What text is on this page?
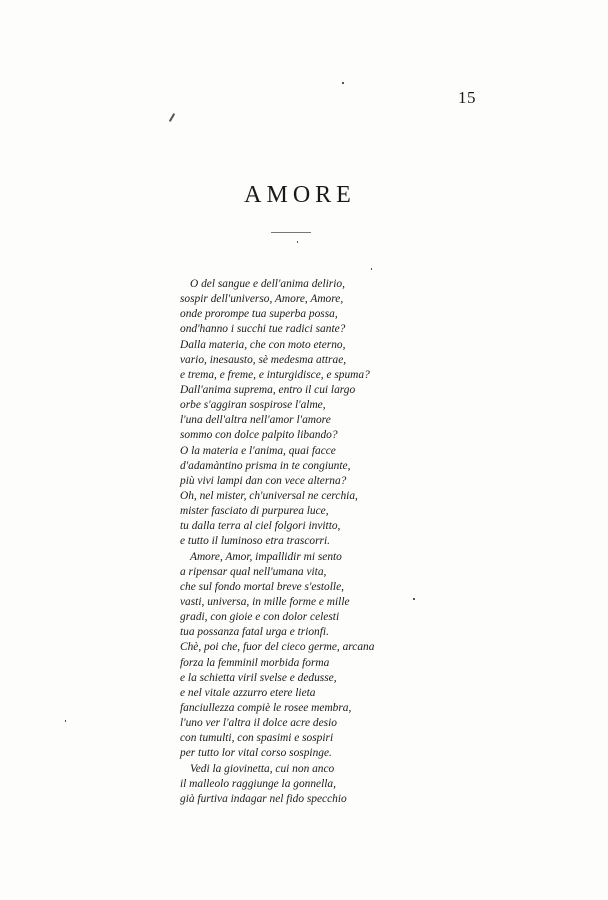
15
AMORE
O del sangue e dell'anima delirio,
sospir dell'universo, Amore, Amore,
onde prorompe tua superba possa,
ond'hanno i succhi tue radici sante?
Dalla materia, che con moto eterno,
vario, inesausto, sè medesma attrae,
e trema, e freme, e inturgidisce, e spuma?
Dall'anima suprema, entro il cui largo
orbe s'aggiran sospirose l'alme,
l'una dell'altra nell'amor l'amore
sommo con dolce palpito libando?
O la materia e l'anima, quai facce
d'adamàntino prisma in te congiunte,
più vivi lampi dan con vece alterna?
Oh, nel mister, ch'universal ne cerchia,
mister fasciato di purpurea luce,
tu dalla terra al ciel folgori invitto,
e tutto il luminoso etra trascorri.
Amore, Amor, impallidir mi sento
a ripensar qual nell'umana vita,
che sul fondo mortal breve s'estolle,
vasti, universa, in mille forme e mille
gradi, con gioie e con dolor celesti
tua possanza fatal urga e trionfi.
Chè, poi che, fuor del cieco germe, arcana
forza la femminil morbida forma
e la schietta viril svelse e dedusse,
e nel vitale azzurro etere lieta
fanciullezza compiè le rosee membra,
l'uno ver l'altra il dolce acre desio
con tumulti, con spasimi e sospiri
per tutto lor vital corso sospinge.
Vedi la giovinetta, cui non anco
il malleolo raggiunge la gonnella,
già furtiva indagar nel fido specchio
